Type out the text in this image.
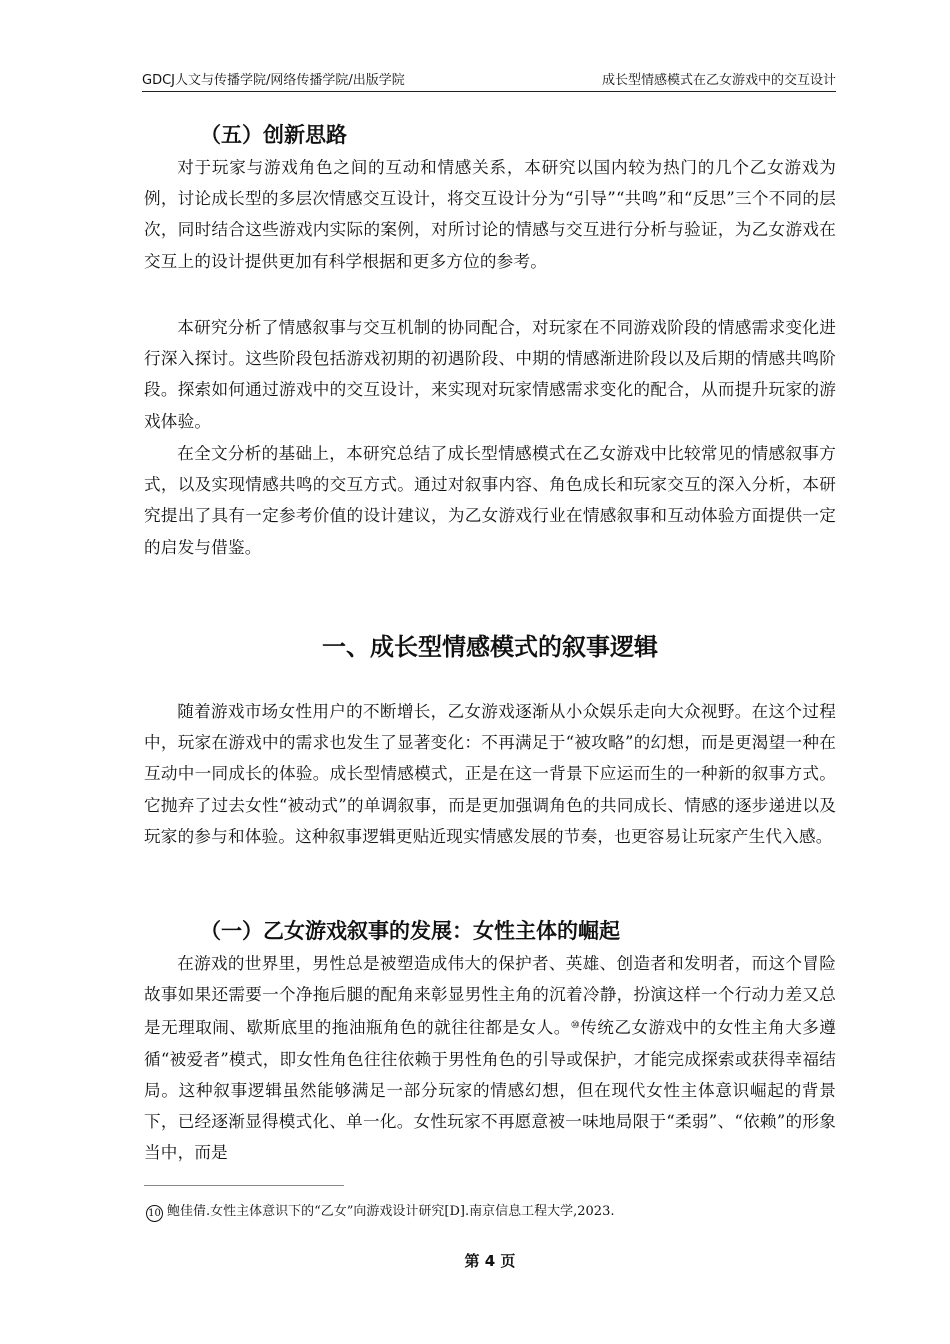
GDCJ人文与传播学院/网络传播学院/出版学院	成长型情感模式在乙女游戏中的交互设计
（五）创新思路

对于玩家与游戏角色之间的互动和情感关系，本研究以国内较为热门的几个乙女游戏为例，讨论成长型的多层次情感交互设计，将交互设计分为“引导”“共鸣”和“反思”三个不同的层次，同时结合这些游戏内实际的案例，对所讨论的情感与交互进行分析与验证，为乙女游戏在交互上的设计提供更加有科学根据和更多方位的参考。

本研究分析了情感叙事与交互机制的协同配合，对玩家在不同游戏阶段的情感需求变化进行深入探讨。这些阶段包括游戏初期的初遇阶段、中期的情感渐进阶段以及后期的情感共鸣阶段。探索如何通过游戏中的交互设计，来实现对玩家情感需求变化的配合，从而提升玩家的游戏体验。

在全文分析的基础上，本研究总结了成长型情感模式在乙女游戏中比较常见的情感叙事方式，以及实现情感共鸣的交互方式。通过对叙事内容、角色成长和玩家交互的深入分析，本研究提出了具有一定参考价值的设计建议，为乙女游戏行业在情感叙事和互动体验方面提供一定的启发与借鉴。

一、成长型情感模式的叙事逻辑

随着游戏市场女性用户的不断增长，乙女游戏逐渐从小众娱乐走向大众视野。在这个过程中，玩家在游戏中的需求也发生了显著变化：不再满足于“被攻略”的幻想，而是更渴望一种在互动中一同成长的体验。成长型情感模式，正是在这一背景下应运而生的一种新的叙事方式。它抛弃了过去女性“被动式”的单调叙事，而是更加强调角色的共同成长、情感的逐步递进以及玩家的参与和体验。这种叙事逻辑更贴近现实情感发展的节奏，也更容易让玩家产生代入感。

（一）乙女游戏叙事的发展：女性主体的崛起

在游戏的世界里，男性总是被塑造成伟大的保护者、英雄、创造者和发明者，而这个冒险故事如果还需要一个净拖后腿的配角来彰显男性主角的沉着冷静，扮演这样一个行动力差又总是无理取闹、歇斯底里的拖油瓶角色的就往往都是女人。⑩传统乙女游戏中的女性主角大多遵循“被爱者”模式，即女性角色往往依赖于男性角色的引导或保护，才能完成探索或获得幸福结局。这种叙事逻辑虽然能够满足一部分玩家的情感幻想，但在现代女性主体意识崛起的背景下，已经逐渐显得模式化、单一化。女性玩家不再愿意被一味地局限于“柔弱”、“依赖”的形象当中，而是

10 鲍佳倩.女性主体意识下的“乙女”向游戏设计研究[D].南京信息工程大学,2023.
第 4 页
